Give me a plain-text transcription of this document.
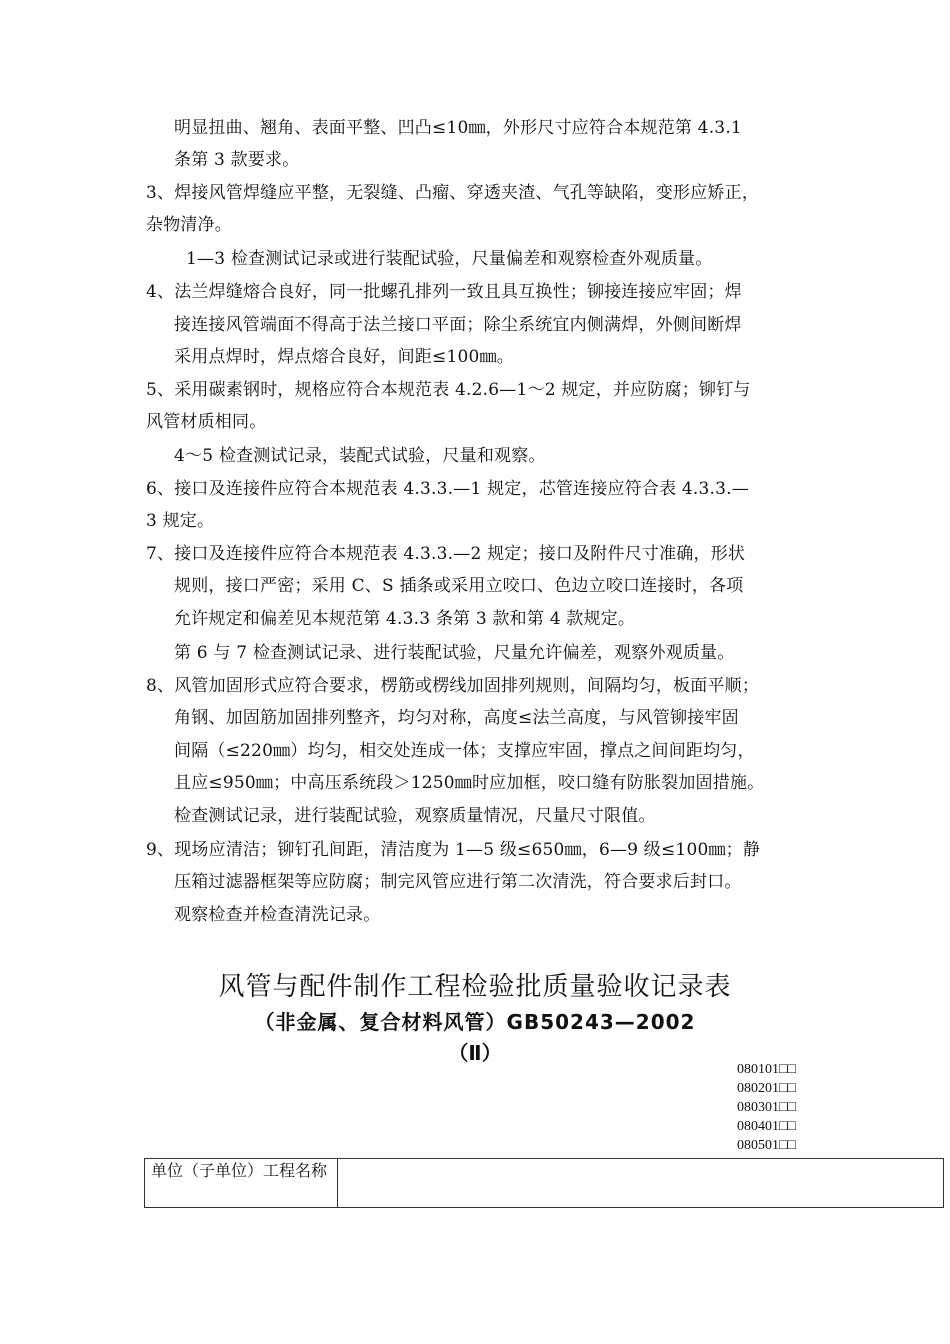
明显扭曲、翘角、表面平整、凹凸≤10㎜，外形尺寸应符合本规范第 4.3.1
条第 3 款要求。
3、焊接风管焊缝应平整，无裂缝、凸瘤、穿透夹渣、气孔等缺陷，变形应矫正，
杂物清净。
1—3 检查测试记录或进行装配试验，尺量偏差和观察检查外观质量。
4、法兰焊缝熔合良好，同一批螺孔排列一致且具互换性；铆接连接应牢固；焊
接连接风管端面不得高于法兰接口平面；除尘系统宜内侧满焊，外侧间断焊
采用点焊时，焊点熔合良好，间距≤100㎜。
5、采用碳素钢时，规格应符合本规范表 4.2.6—1～2 规定，并应防腐；铆钉与
风管材质相同。
4～5 检查测试记录，装配式试验，尺量和观察。
6、接口及连接件应符合本规范表 4.3.3.—1 规定，芯管连接应符合表 4.3.3.—
3 规定。
7、接口及连接件应符合本规范表 4.3.3.—2 规定；接口及附件尺寸准确，形状
规则，接口严密；采用 C、S 插条或采用立咬口、色边立咬口连接时，各项
允许规定和偏差见本规范第 4.3.3 条第 3 款和第 4 款规定。
第 6 与 7 检查测试记录、进行装配试验，尺量允许偏差，观察外观质量。
8、风管加固形式应符合要求，楞筋或楞线加固排列规则，间隔均匀，板面平顺；
角钢、加固筋加固排列整齐，均匀对称，高度≤法兰高度，与风管铆接牢固
间隔（≤220㎜）均匀，相交处连成一体；支撑应牢固，撑点之间间距均匀，
且应≤950㎜；中高压系统段＞1250㎜时应加框，咬口缝有防胀裂加固措施。
检查测试记录，进行装配试验，观察质量情况，尺量尺寸限值。
9、现场应清洁；铆钉孔间距，清洁度为 1—5 级≤650㎜，6—9 级≤100㎜；静
压箱过滤器框架等应防腐；制完风管应进行第二次清洗，符合要求后封口。
观察检查并检查清洗记录。
风管与配件制作工程检验批质量验收记录表
（非金属、复合材料风管）GB50243—2002
（Ⅱ）
080101□□
080201□□
080301□□
080401□□
080501□□
单位（子单位）工程名称	
